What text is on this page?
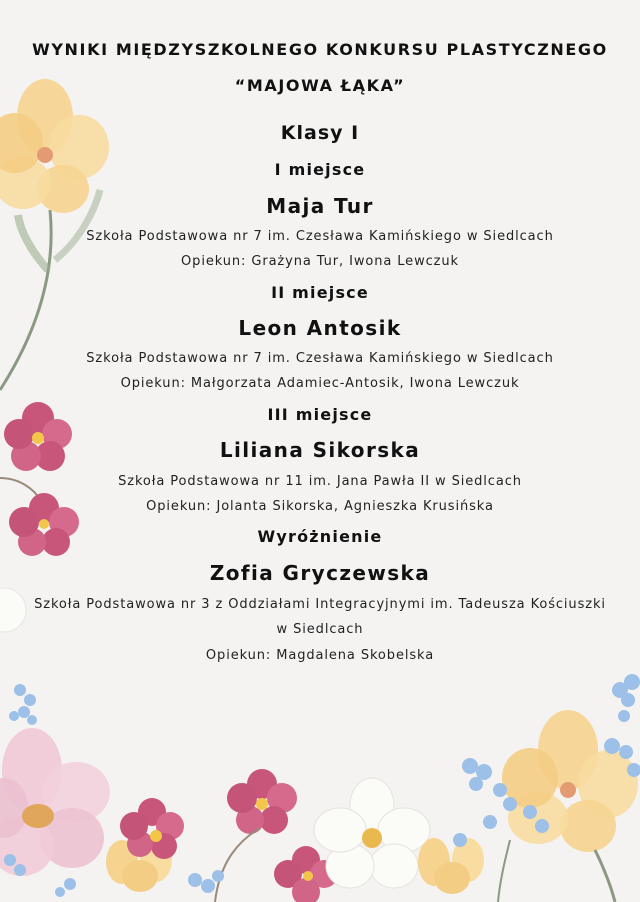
WYNIKI MIĘDZYSZKOLNEGO KONKURSU PLASTYCZNEGO
“MAJOWA ŁĄKA”
Klasy I
I miejsce
Maja Tur
Szkoła Podstawowa nr 7 im. Czesława Kamińskiego w Siedlcach
Opiekun: Grażyna Tur, Iwona Lewczuk
II miejsce
Leon Antosik
Szkoła Podstawowa nr 7 im. Czesława Kamińskiego w Siedlcach
Opiekun: Małgorzata Adamiec-Antosik, Iwona Lewczuk
III miejsce
Liliana Sikorska
Szkoła Podstawowa nr 11 im. Jana Pawła II w Siedlcach
Opiekun: Jolanta Sikorska, Agnieszka Krusińska
Wyróżnienie
Zofia Gryczewska
Szkoła Podstawowa nr 3 z Oddziałami Integracyjnymi im. Tadeusza Kościuszki
w Siedlcach
Opiekun: Magdalena Skobelska
